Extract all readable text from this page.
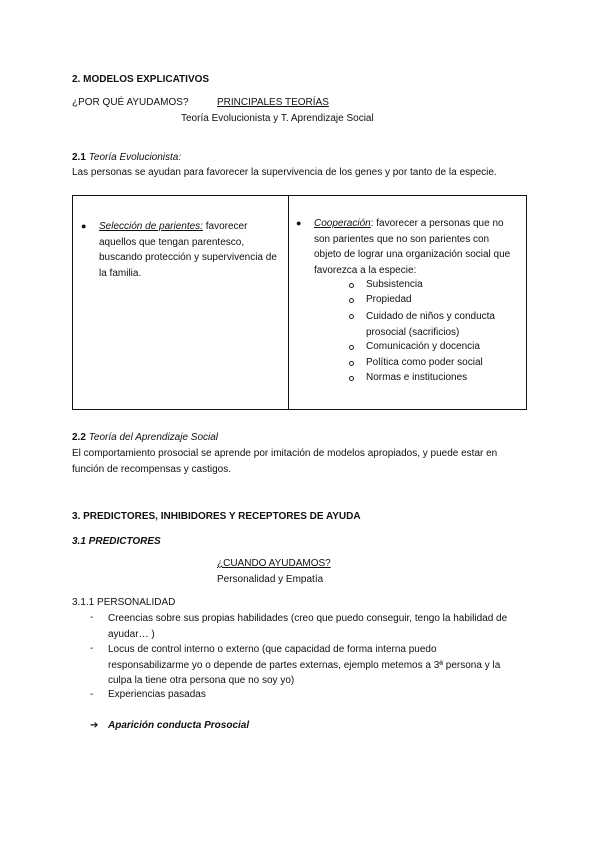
2. MODELOS EXPLICATIVOS
¿POR QUÉ AYUDAMOS?	PRINCIPALES TEORÍAS
Teoría Evolucionista y T. Aprendizaje Social
2.1 Teoría Evolucionista:
Las personas se ayudan para favorecer la supervivencia de los genes y por tanto de la especie.
● Selección de parientes: favorecer aquellos que tengan parentesco, buscando protección y supervivencia de la familia.
● Cooperación: favorecer a personas que no son parientes que no son parientes con objeto de lograr una organización social que favorezca a la especie:
Subsistencia
Propiedad
Cuidado de niños y conducta prosocial (sacrificios)
Comunicación y docencia
Política como poder social
Normas e instituciones
2.2 Teoría del Aprendizaje Social
El comportamiento prosocial se aprende por imitación de modelos apropiados, y puede estar en función de recompensas y castigos.
3. PREDICTORES, INHIBIDORES Y RECEPTORES DE AYUDA
3.1 PREDICTORES
¿CUANDO AYUDAMOS?
Personalidad y Empatía
3.1.1 PERSONALIDAD
- Creencias sobre sus propias habilidades (creo que puedo conseguir, tengo la habilidad de ayudar… )
- Locus de control interno o externo (que capacidad de forma interna puedo responsabilizarme yo o depende de partes externas, ejemplo metemos a 3ª persona y la culpa la tiene otra persona que no soy yo)
- Experiencias pasadas
➔ Aparición conducta Prosocial
